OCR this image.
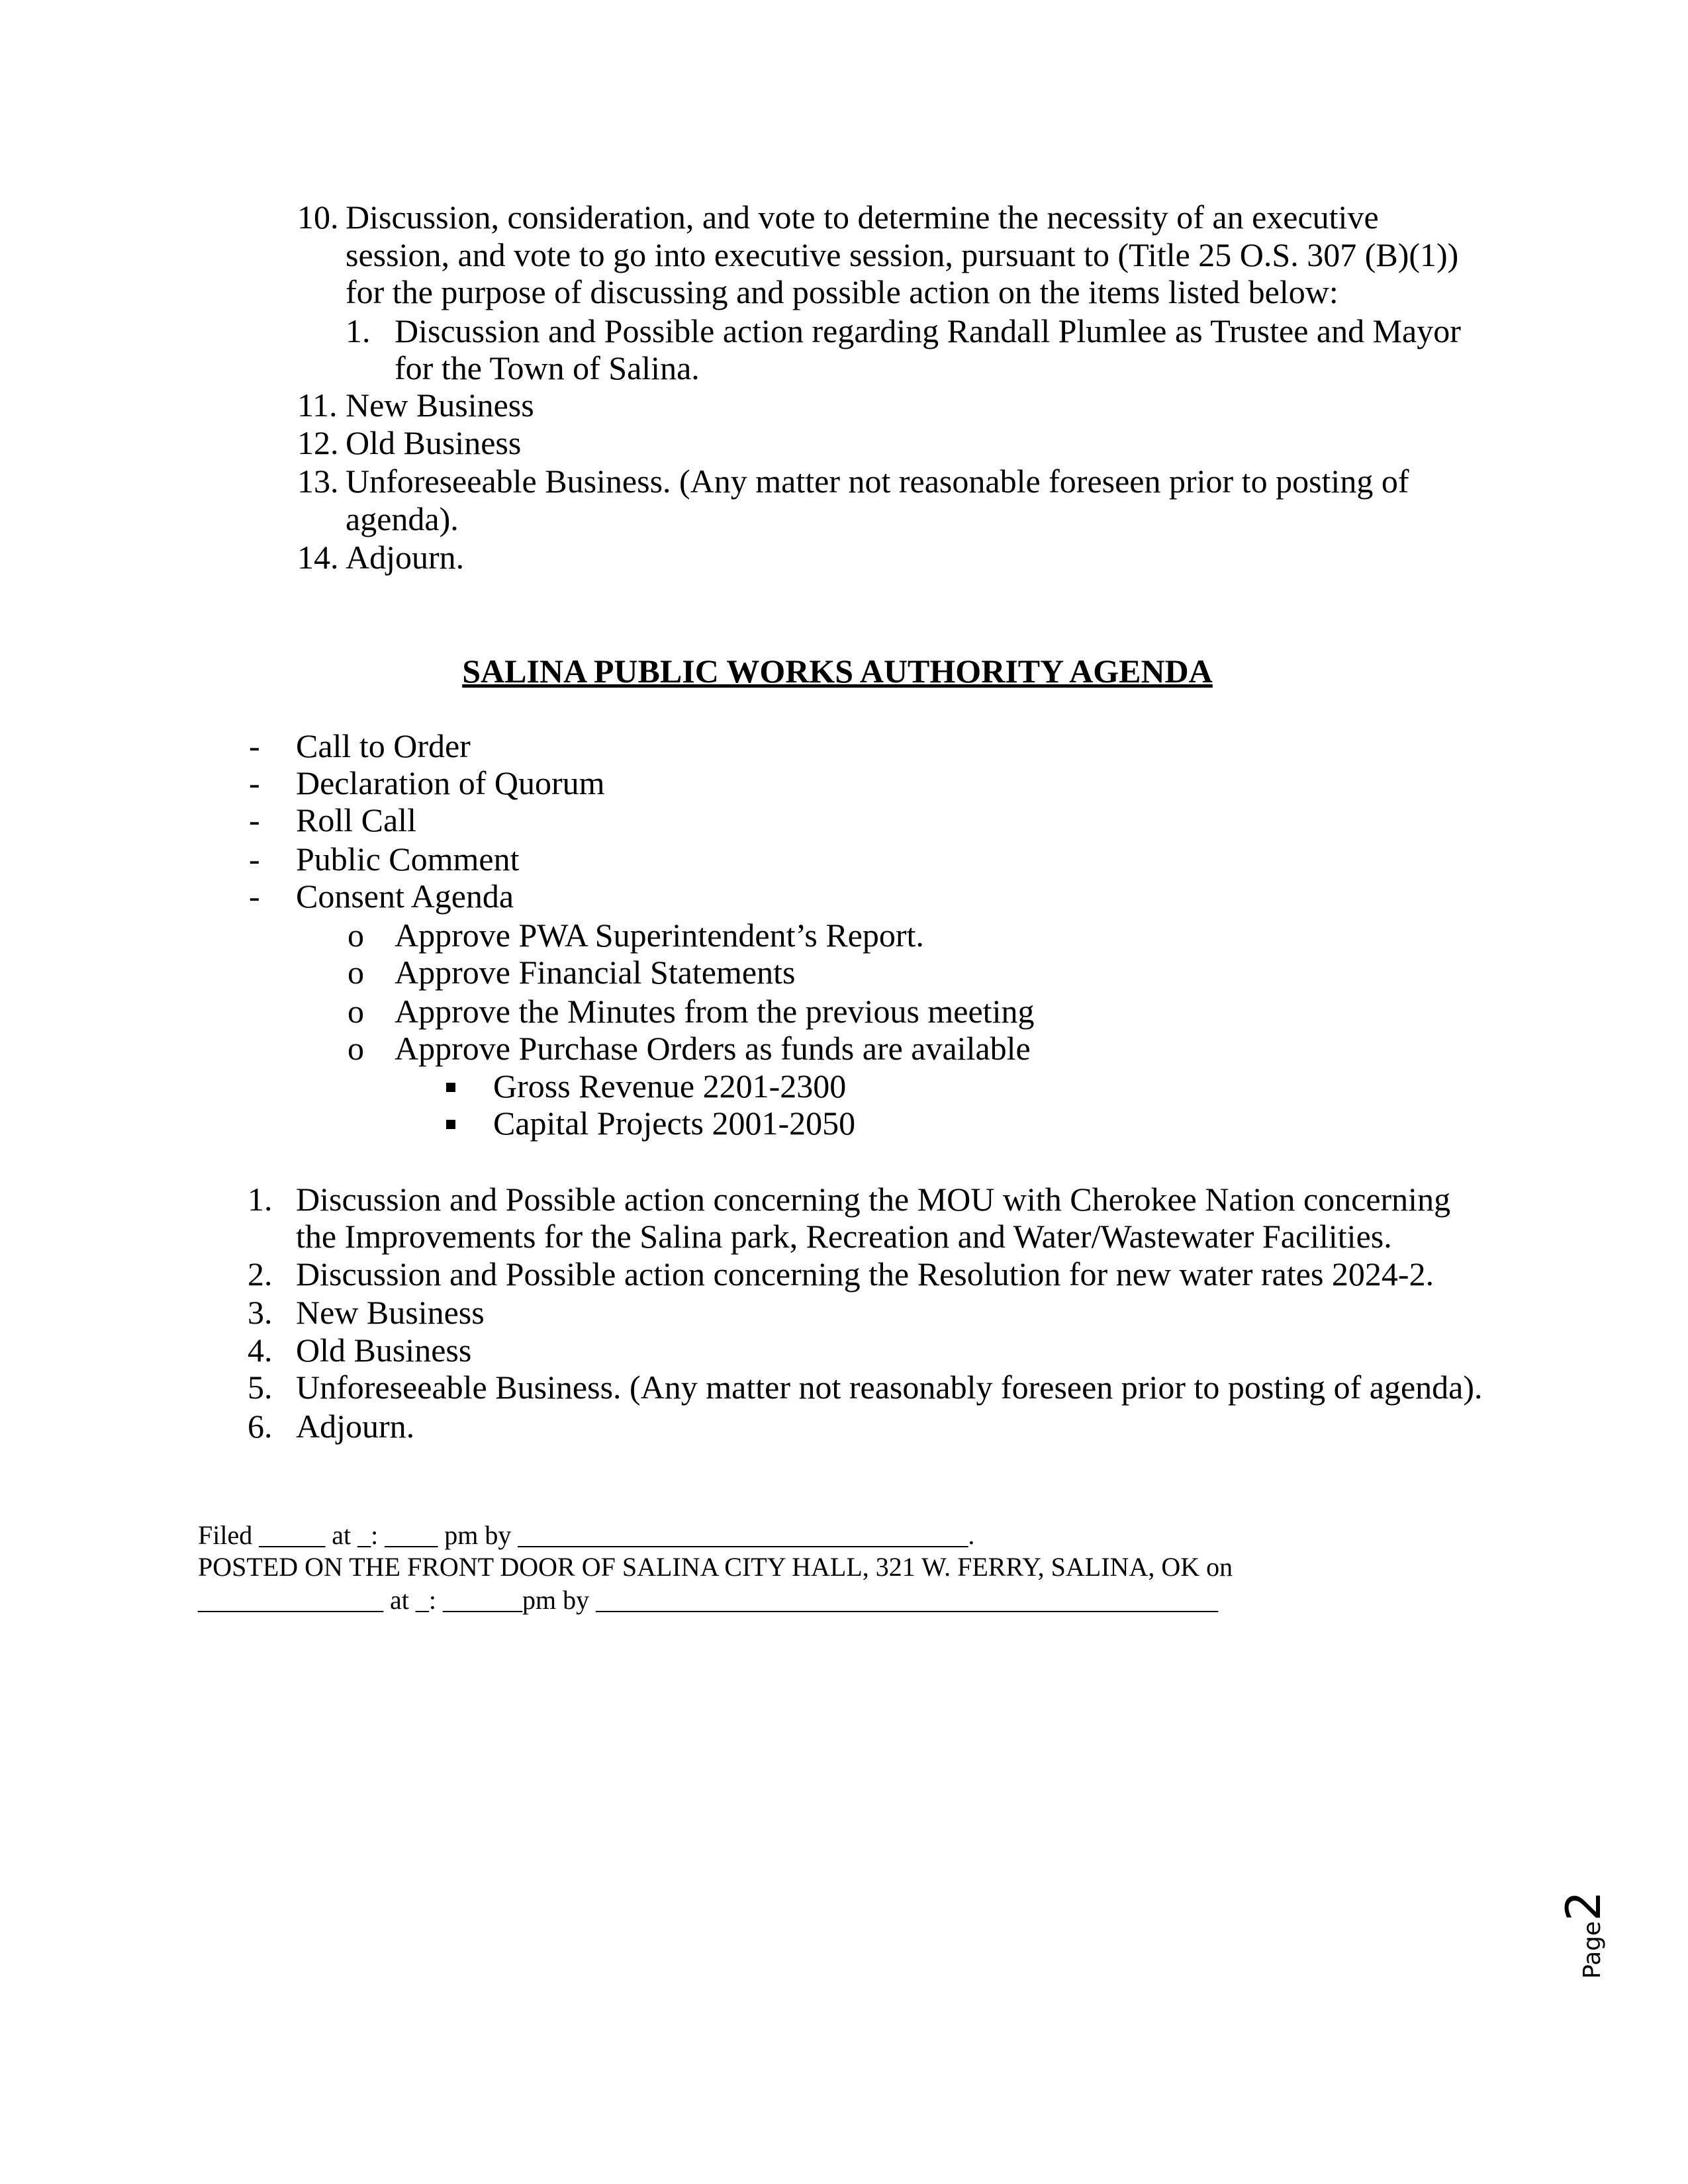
10. Discussion, consideration, and vote to determine the necessity of an executive
session, and vote to go into executive session, pursuant to (Title 25 O.S. 307 (B)(1))
for the purpose of discussing and possible action on the items listed below:
1. Discussion and Possible action regarding Randall Plumlee as Trustee and Mayor
for the Town of Salina.
11. New Business
12. Old Business
13. Unforeseeable Business. (Any matter not reasonable foreseen prior to posting of
agenda).
14. Adjourn.
SALINA PUBLIC WORKS AUTHORITY AGENDA
- Call to Order
- Declaration of Quorum
- Roll Call
- Public Comment
- Consent Agenda
o Approve PWA Superintendent’s Report.
o Approve Financial Statements
o Approve the Minutes from the previous meeting
o Approve Purchase Orders as funds are available
Gross Revenue 2201-2300
Capital Projects 2001-2050
1. Discussion and Possible action concerning the MOU with Cherokee Nation concerning
the Improvements for the Salina park, Recreation and Water/Wastewater Facilities.
2. Discussion and Possible action concerning the Resolution for new water rates 2024-2.
3. New Business
4. Old Business
5. Unforeseeable Business. (Any matter not reasonably foreseen prior to posting of agenda).
6. Adjourn.
Filed _____ at _: ____ pm by __________________________________.
POSTED ON THE FRONT DOOR OF SALINA CITY HALL, 321 W. FERRY, SALINA, OK on
______________ at _: ______pm by _______________________________________________
Page2
